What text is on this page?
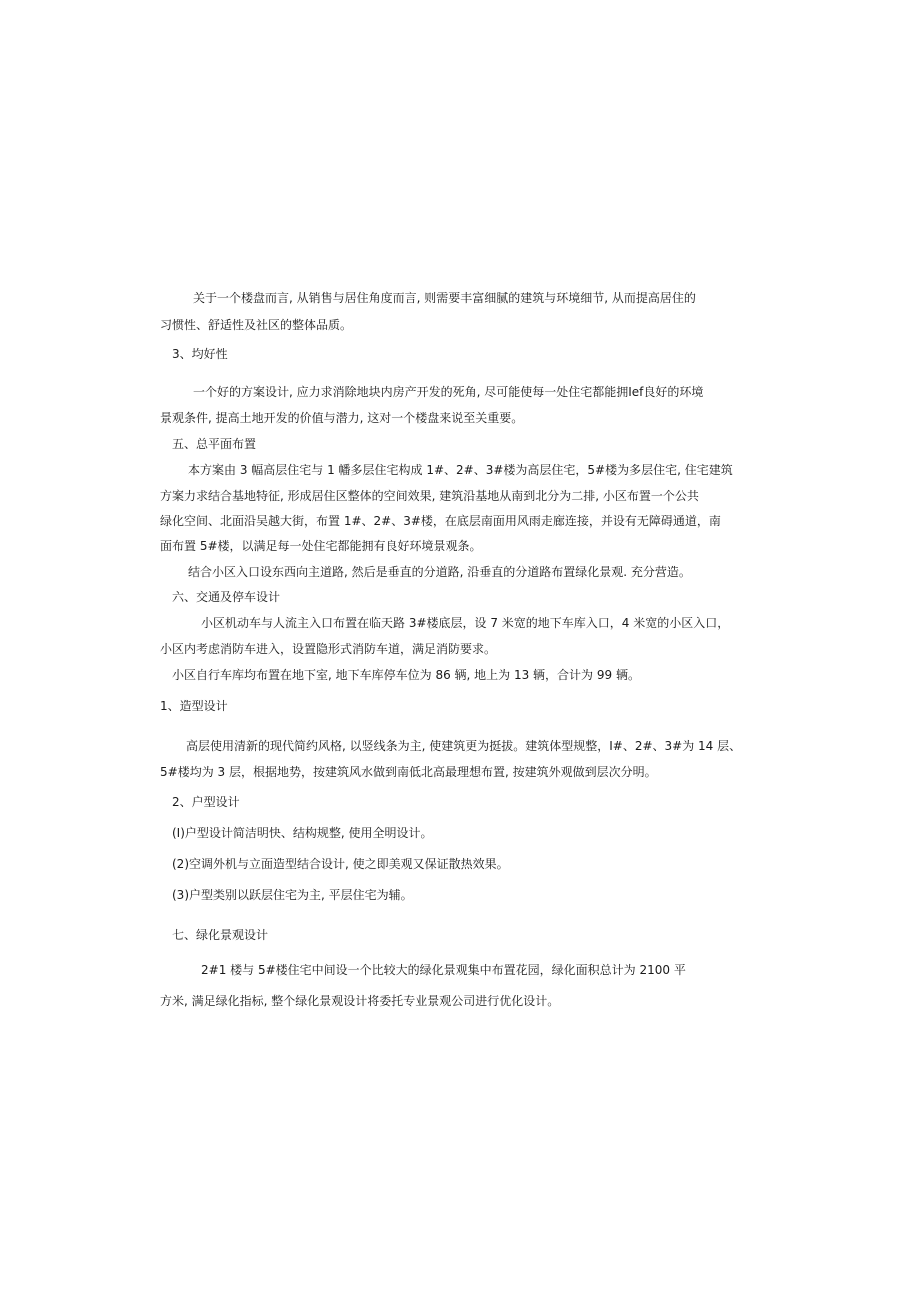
关于一个楼盘而言, 从销售与居住角度而言, 则需要丰富细腻的建筑与环境细节, 从而提高居住的

习惯性、舒适性及社区的整体品质。

3、均好性

一个好的方案设计, 应力求消除地块内房产开发的死角, 尽可能使每一处住宅都能拥Ief良好的环境

景观条件, 提高土地开发的价值与潜力, 这对一个楼盘来说至关重要。

五、总平面布置

本方案由 3 幅高层住宅与 1 幡多层住宅构成 1#、2#、3#楼为高层住宅，5#楼为多层住宅, 住宅建筑

方案力求结合基地特征, 形成居住区整体的空间效果, 建筑沿基地从南到北分为二排, 小区布置一个公共

绿化空间、北面沿吴越大街，布置 1#、2#、3#楼，在底层南面用风雨走廊连接，并设有无障碍通道，南

面布置 5#楼，以满足每一处住宅都能拥有良好环境景观条。

结合小区入口设东西向主道路, 然后是垂直的分道路, 沿垂直的分道路布置绿化景观. 充分营造。

六、交通及停车设计

小区机动车与人流主入口布置在临天路 3#楼底层，设 7 米宽的地下车库入口，4 米宽的小区入口，

小区内考虑消防车进入，设置隐形式消防车道，满足消防要求。

小区自行车库均布置在地下室, 地下车库停车位为 86 辆, 地上为 13 辆，合计为 99 辆。

1、造型设计

高层使用清新的现代简约风格, 以竖线条为主, 使建筑更为挺拔。建筑体型规整，I#、2#、3#为 14 层、

5#楼均为 3 层，根据地势，按建筑风水做到南低北高最理想布置, 按建筑外观做到层次分明。

2、户型设计

(I)户型设计简洁明快、结构规整, 使用全明设计。

(2)空调外机与立面造型结合设计, 使之即美观又保证散热效果。

(3)户型类别以跃层住宅为主, 平层住宅为辅。

七、绿化景观设计

2#1 楼与 5#楼住宅中间设一个比较大的绿化景观集中布置花园，绿化面积总计为 2100 平

方米, 满足绿化指标, 整个绿化景观设计将委托专业景观公司进行优化设计。
